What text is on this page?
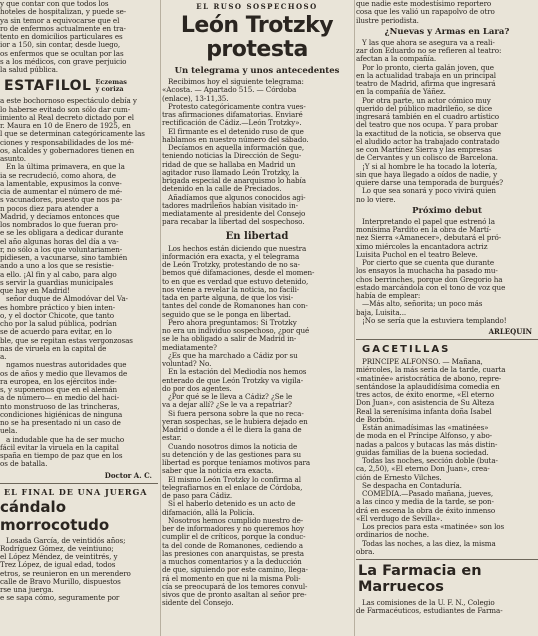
y que contar con que todos los

hoteles de hospitalizan, y puede se-

ya sin temor a equivocarse que el

ro de enfermos actualmente en tra-

tento en domicilios particulares es

ior a 150, sin contar, desde luego,

os enfermos que se ocultan por las

s a los médicos, con grave perjuicio

la salud pública.

ESTAFILOL Eczemas
y coriza

a este bochornoso espectáculo debía y

lo haberse evitado son sólo dar cum-

imiento al Real decreto dictado por el

r. Maura en 10 de Enero de 1925, en

l que se determinan categóricamente las

ciones y responsabilidades de los mé-

os, alcaldes y gobernadores tienen en

asunto.

En la última primavera, en que la

ia se recrudeció, como ahora, de

a lamentable, expusimos la conve-

cia de aumentar el número de mé-

s vacunadores, puesto que nos pa-

n pocos diez para atender a

Madrid, y decíamos entonces que

los nombrados lo que fueran pro-

e se les obligara a dedicar durante

el año algunas horas del día a va-

r, no sólo a los que voluntariamen-

pidiesen, a vacunarse, sino también

ando a uno a los que se resistie-

a ello. ¡Al fin y al cabo, para algo

s servir la guardias municipales

que hay en Madrid!

señor duque de Almodóvar del Va-

es hombre práctico y bien inten-

o, y el doctor Chicote, que tanto

cho por la salud pública, podrían

se de acuerdo para evitar, en lo

ble, que se repitan estas vergonzosas

nas de viruela en la capital de

a.

ngamos nuestras autoridades que

os de años y medio que llevamos de

ra europea, en los ejércitos inde-

s, y suponemos que en el alemán

a de número— en medio del haci-

nto monstruoso de las trincheras,

condiciones higiénicas de ninguna

no se ha presentado ni un caso de

uela.

a indudable que ha de ser mucho

fácil evitar la viruela en la capital

spaña en tiempo de paz que en los

os de batalla.

Doctor A. C.
EL FINAL DE UNA JUERGA
cándalo morrocotudo

Losada García, de veintidós años;

Rodríguez Gómez, de veintiuno;

el López Méndez, de veintitrés, y

Trez López, de igual edad, todos

etros, se reunieron en un merendero

calle de Bravo Murillo, dispuestos

rse una juerga.

e se sapa cómo, seguramente por

EL RUSO SOSPECHOSO
León Trotzky protesta
Un telegrama y unos antecedentes

Recibimos hoy el siguiente telegrama:

«Acosta. — Apartado 515. — Córdoba

(enlace), 13-11,35.

Protesto categóricamente contra vues-

tras afirmaciones difamatorias. Enviaré

rectificación de Cádiz.—León Trotzky».

El firmante es el detenido ruso de que

hablamos en nuestro número del sábado.

Decíamos en aquella información que,

teniendo noticias la Dirección de Segu-

ridad de que se hallaba en Madrid un

agitador ruso llamado León Trotzky, la

brigada especial de anarquismo lo había

detenido en la calle de Preciados.

Añadíamos que algunos conocidos agi-

tadores madrileños habían visitado in-

mediatamente al presidente del Consejo

para recabar la libertad del sospechoso.

En libertad

Los hechos están diciendo que nuestra

información era exacta, y el telegrama

de León Trotzky, protestando de no sa-

bemos qué difamaciones, desde el momen-

to en que es verdad que estuvo detenido,

nos viene a revelar la noticia, no facili-

tada en parte alguna, de que los visi-

tantes del conde de Romanones han con-

seguido que se le ponga en libertad.

Pero ahora preguntamos: Si Trotzky

no era un individuo sospechoso, ¿por qué

se le ha obligado a salir de Madrid in-

mediatamente?

¿Es que ha marchado a Cádiz por su

voluntad? No.

En la estación del Mediodía nos hemos

enterado de que León Trotzky va vigila-

do por dos agentes.

¿Por qué se le lleva a Cádiz? ¿Se le

va a dejar allí? ¿Se le va a repatriar?

Si fuera persona sobre la que no reca-

yeran sospechas, se le hubiera dejado en

Madrid o donde a él le diera la gana de

estar.

Cuando nosotros dimos la noticia de

su detención y de las gestiones para su

libertad es porque teníamos motivos para

saber que la noticia era exacta.

El mismo León Trotzky lo confirma al

telegrafiarnos en el enlace de Córdoba,

de paso para Cádiz.

Si el haberlo detenido es un acto de

difamación, allá la Policía.

Nosotros hemos cumplido nuestro de-

ber de informadores y no queremos hoy

cumplir el de críticos, porque la conduc-

ta del conde de Romanones, cediendo a

las presiones con anarquistas, se presta

a muchos comentarios y a la deducción

de que, siguiendo por este camino, llega-

rá el momento en que ni la misma Poli-

cía se preocupará de los temores convul-

sivos que de pronto asaltan al señor pre-

sidente del Consejo.

que nadie este modestísimo reportero

cosa que les valió un rapapolvo de otro

ilustre periodista.

¿Nuevas y Armas en Lara?

Y las que ahora se asegura va a reali-

zar don Eduardo no se refieren al teatro:

afectan a la compañía.

Por lo pronto, cierta galán joven, que

en la actualidad trabaja en un principal

teatro de Madrid, afirma que ingresará

en la compañía de Yáñez.

Por otra parte, un actor cómico muy

querido del público madrileño, se dice

ingresará también en el cuadro artístico

del teatro que nos ocupa. Y para probar

la exactitud de la noticia, se observa que

el aludido actor ha trabajado contratado

se con Martínez Sierra y las empresas

de Cervantes y un colisco de Barcelona.

¡Y si al hombre le ha tocado la lotería,

sin que haya llegado a oídos de nadie, y

quiere darse una temporada de burgués?

Lo que sea sonará y poco vivirá quien

no lo viere.

Próximo debut

Interpretando el papel que estrenó la

monísima Pardito en la obra de Martí-

nez Sierra «Amanecer», debutará el pró-

ximo miércoles la encantadora actriz

Luisita Puchol en el teatro Beleve.

Por cierto que se cuenta que durante

los ensayos la muchacha ha pasado mu-

chos berrinches, porque don Gregorio ha

estado marcándola con el tono de voz que

había de emplear:

—Más alto, señorita; un poco más

baja, Luisita...

¡No se sería que la estuviera templando!

ARLEQUIN
GACETILLAS

PRINCIPE ALFONSO. — Mañana,

miércoles, la más seria de la tarde, cuarta

«matinée» aristocrática de abono, repre-

sentándose la aplaudidísima comedia en

tres actos, de éxito enorme, «El eterno

Don Juan», con asistencia de Su Alteza

Real la serenísima infanta doña Isabel

de Borbón.

Están animadísimas las «matinées»

de moda en el Príncipe Alfonso, y abo-

nadas a palcos y butacas las más distin-

guidas familias de la buena sociedad.

Todas las noches, sección doble (buta-

ca, 2,50), «El eterno Don Juan», crea-

ción de Ernesto Vilches.

Se despacha en Contaduría.

COMEDIA.—Pasado mañana, jueves,

a las cinco y media de la tarde, se pon-

drá en escena la obra de éxito inmenso

«El verdugo de Sevilla».

Los precios para esta «matinée» son los

ordinarios de noche.

Todas las noches, a las diez, la misma

obra.

La Farmacia en Marruecos

Las comisiones de la U. F. N., Colegio

de Farmacéuticos, estudiantes de Farma-
